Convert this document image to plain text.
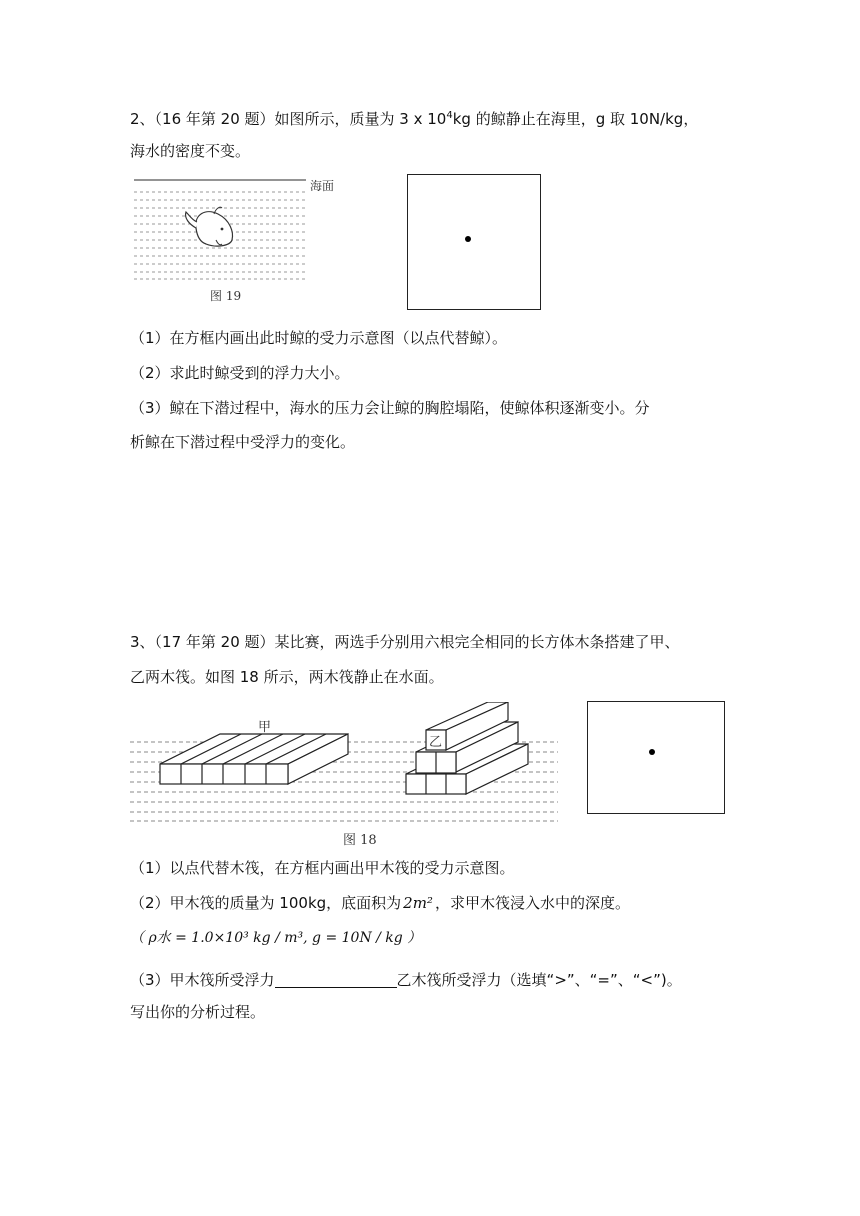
2、（16 年第 20 题）如图所示，质量为 3 x $10^4kg$ 的鲸静止在海里，g 取 10N/kg，
海水的密度不变。
海面
图 19
（1）在方框内画出此时鲸的受力示意图（以点代替鲸）。
（2）求此时鲸受到的浮力大小。
（3）鲸在下潜过程中，海水的压力会让鲸的胸腔塌陷，使鲸体积逐渐变小。分
析鲸在下潜过程中受浮力的变化。
3、（17 年第 20 题）某比赛，两选手分别用六根完全相同的长方体木条搭建了甲、
乙两木筏。如图 18 所示，两木筏静止在水面。
甲
乙
图 18
（1）以点代替木筏，在方框内画出甲木筏的受力示意图。
（2）甲木筏的质量为 100kg，底面积为 2m² ，求甲木筏浸入水中的深度。
（ ρ水 = 1.0×10³ kg / m³, g = 10N / kg ）
（3）甲木筏所受浮力	乙木筏所受浮力（选填“>”、“=”、“<”)。
写出你的分析过程。
